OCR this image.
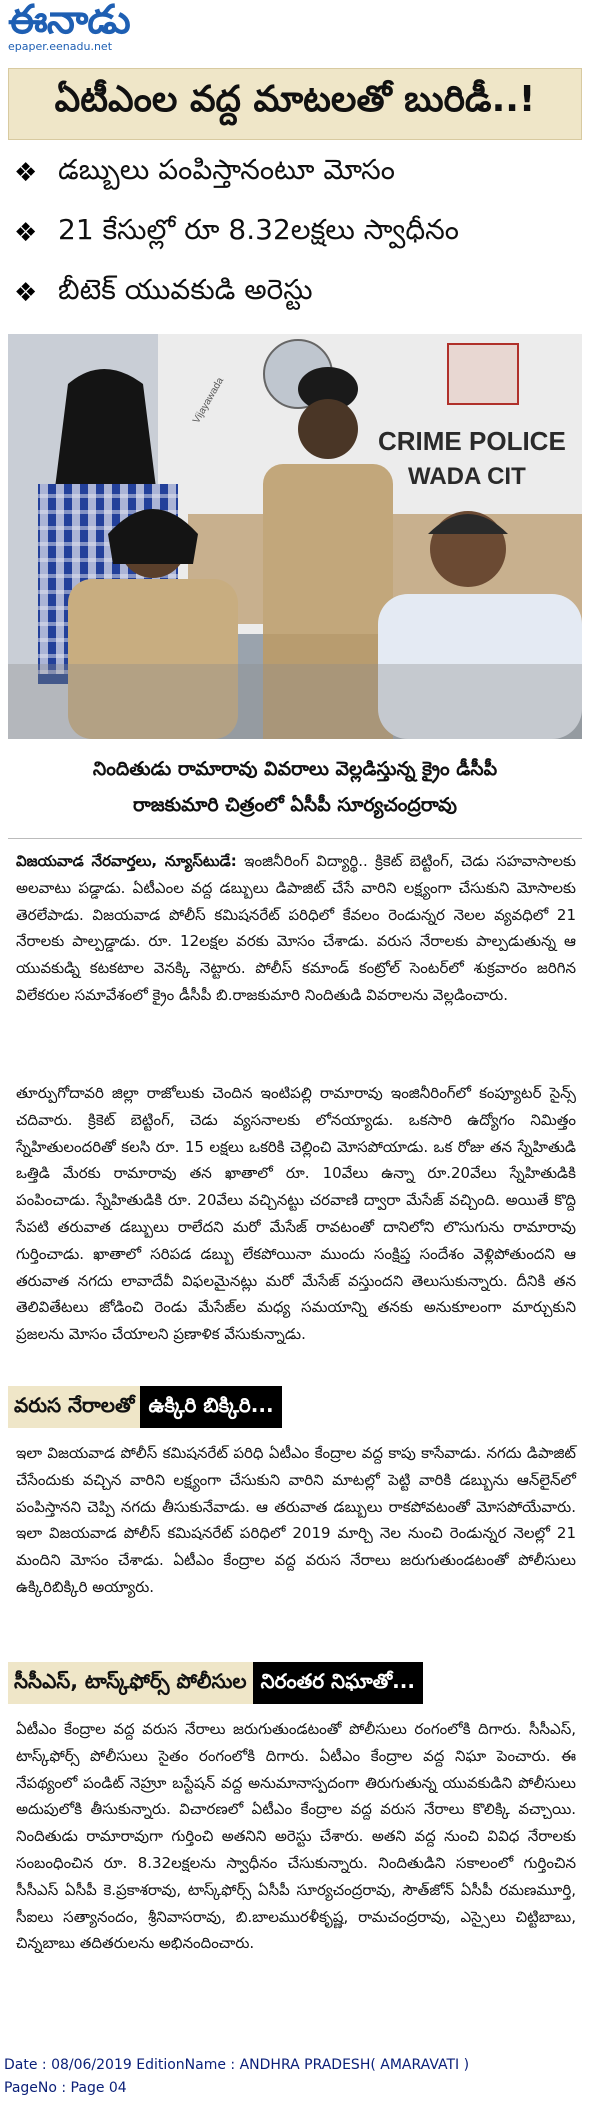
ఈనాడు
epaper.eenadu.net
ఏటీఎంల వద్ద మాటలతో బురిడీ..!
❖ డబ్బులు పంపిస్తానంటూ మోసం
❖ 21 కేసుల్లో రూ 8.32లక్షలు స్వాధీనం
❖ బీటెక్ యువకుడి అరెస్టు
CRIME POLICE
WADA CIT
Vijayawada
నిందితుడు రామారావు వివరాలు వెల్లడిస్తున్న క్రైం డీసీపీ
రాజకుమారి చిత్రంలో ఏసీపీ సూర్యచంద్రరావు
విజయవాడ నేరవార్తలు, న్యూస్‌టుడే: ఇంజినీరింగ్ విద్యార్థి.. క్రికెట్ బెట్టింగ్, చెడు సహవాసాలకు అలవాటు పడ్డాడు. ఏటీఎంల వద్ద డబ్బులు డిపాజిట్ చేసే వారిని లక్ష్యంగా చేసుకుని మోసాలకు తెరలేపాడు. విజయవాడ పోలీస్ కమిషనరేట్ పరిధిలో కేవలం రెండున్నర నెలల వ్యవధిలో 21 నేరాలకు పాల్పడ్డాడు. రూ. 12లక్షల వరకు మోసం చేశాడు. వరుస నేరాలకు పాల్పడుతున్న ఆ యువకుడ్ని కటకటాల వెనక్కి నెట్టారు. పోలీస్ కమాండ్ కంట్రోల్ సెంటర్‌లో శుక్రవారం జరిగిన విలేకరుల సమావేశంలో క్రైం డీసీపీ బి.రాజకుమారి నిందితుడి వివరాలను వెల్లడించారు.
తూర్పుగోదావరి జిల్లా రాజోలుకు చెందిన ఇంటిపల్లి రామారావు ఇంజినీరింగ్‌లో కంప్యూటర్ సైన్స్ చదివారు. క్రికెట్ బెట్టింగ్, చెడు వ్యసనాలకు లోనయ్యాడు. ఒకసారి ఉద్యోగం నిమిత్తం స్నేహితులందరితో కలసి రూ. 15 లక్షలు ఒకరికి చెల్లించి మోసపోయాడు. ఒక రోజు తన స్నేహితుడి ఒత్తిడి మేరకు రామారావు తన ఖాతాలో రూ. 10వేలు ఉన్నా రూ.20వేలు స్నేహితుడికి పంపించాడు. స్నేహితుడికి రూ. 20వేలు వచ్చినట్టు చరవాణి ద్వారా మేసేజ్ వచ్చింది. అయితే కొద్ది సేపటి తరువాత డబ్బులు రాలేదని మరో మేసేజ్ రావటంతో దానిలోని లొసుగును రామారావు గుర్తించాడు. ఖాతాలో సరిపడ డబ్బు లేకపోయినా ముందు సంక్షిప్త సందేశం వెళ్లిపోతుందని ఆ తరువాత నగదు లావాదేవీ విఫలమైనట్లు మరో మేసేజ్ వస్తుందని తెలుసుకున్నారు. దీనికి తన తెలివితేటలు జోడించి రెండు మేసేజ్‌ల మధ్య సమయాన్ని తనకు అనుకూలంగా మార్చుకుని ప్రజలను మోసం చేయాలని ప్రణాళిక వేసుకున్నాడు.
వరుస నేరాలతో ఉక్కిరి బిక్కిరి...
ఇలా విజయవాడ పోలీస్ కమిషనరేట్ పరిధి ఏటీఎం కేంద్రాల వద్ద కాపు కాసేవాడు. నగదు డిపాజిట్ చేసేందుకు వచ్చిన వారిని లక్ష్యంగా చేసుకుని వారిని మాటల్లో పెట్టి వారికి డబ్బును ఆన్‌లైన్‌లో పంపిస్తానని చెప్పి నగదు తీసుకునేవాడు. ఆ తరువాత డబ్బులు రాకపోవటంతో మోసపోయేవారు. ఇలా విజయవాడ పోలీస్ కమిషనరేట్ పరిధిలో 2019 మార్చి నెల నుంచి రెండున్నర నెలల్లో 21 మందిని మోసం చేశాడు. ఏటీఎం కేంద్రాల వద్ద వరుస నేరాలు జరుగుతుండటంతో పోలీసులు ఉక్కిరిబిక్కిరి అయ్యారు.
సీసీఎస్, టాస్క్‌ఫోర్స్ పోలీసుల నిరంతర నిఘాతో...
ఏటీఎం కేంద్రాల వద్ద వరుస నేరాలు జరుగుతుండటంతో పోలీసులు రంగంలోకి దిగారు. సీసీఎస్, టాస్క్‌ఫోర్స్ పోలీసులు సైతం రంగంలోకి దిగారు. ఏటీఎం కేంద్రాల వద్ద నిఘా పెంచారు. ఈ నేపథ్యంలో పండిట్ నెహ్రూ బస్టేషన్ వద్ద అనుమానాస్పదంగా తిరుగుతున్న యువకుడిని పోలీసులు అదుపులోకి తీసుకున్నారు. విచారణలో ఏటీఎం కేంద్రాల వద్ద వరుస నేరాలు కొలిక్కి వచ్చాయి. నిందితుడు రామారావుగా గుర్తించి అతనిని అరెస్టు చేశారు. అతని వద్ద నుంచి వివిధ నేరాలకు సంబంధించిన రూ. 8.32లక్షలను స్వాధీనం చేసుకున్నారు. నిందితుడిని సకాలంలో గుర్తించిన సీసీఎస్ ఏసీపీ కె.ప్రకాశరావు, టాస్క్‌ఫోర్స్ ఏసీపీ సూర్యచంద్రరావు, సౌత్‌జోన్ ఏసీపీ రమణమూర్తి, సీఐలు సత్యానందం, శ్రీనివాసరావు, బి.బాలమురళీకృష్ణ, రామచంద్రరావు, ఎస్సైలు చిట్టిబాబు, చిన్నబాబు తదితరులను అభినందించారు.
Date : 08/06/2019 EditionName : ANDHRA PRADESH( AMARAVATI )
PageNo : Page 04
